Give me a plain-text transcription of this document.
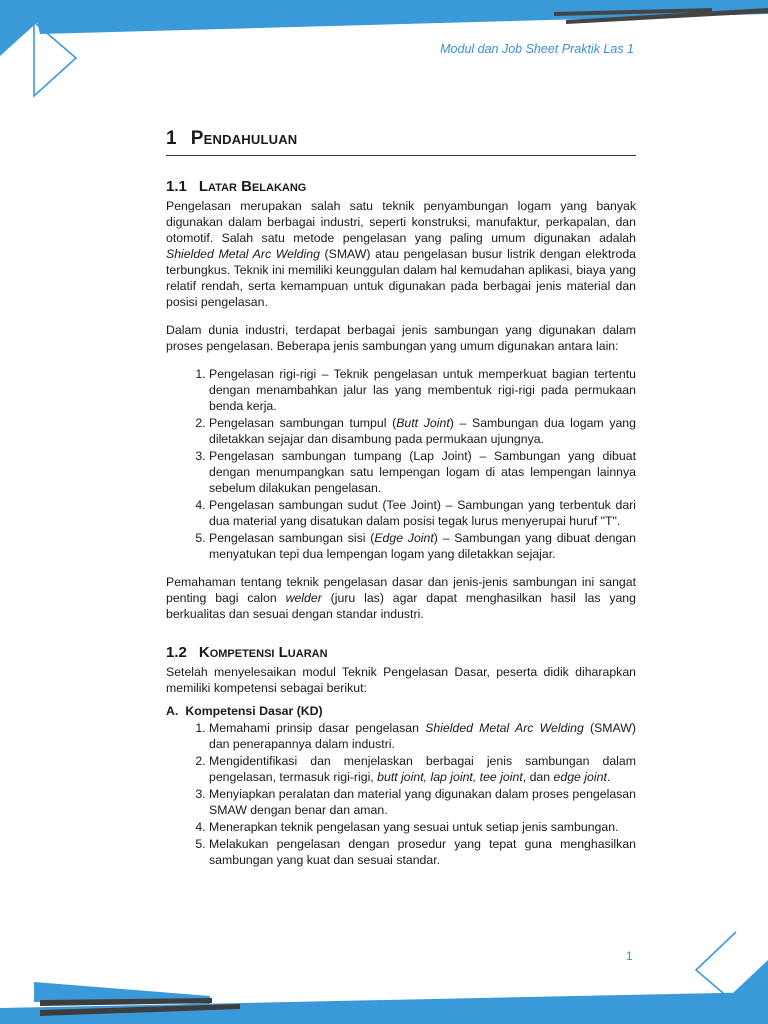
Modul dan Job Sheet Praktik Las 1
1 Pendahuluan
1.1 Latar Belakang

Pengelasan merupakan salah satu teknik penyambungan logam yang banyak digunakan dalam berbagai industri, seperti konstruksi, manufaktur, perkapalan, dan otomotif. Salah satu metode pengelasan yang paling umum digunakan adalah Shielded Metal Arc Welding (SMAW) atau pengelasan busur listrik dengan elektroda terbungkus. Teknik ini memiliki keunggulan dalam hal kemudahan aplikasi, biaya yang relatif rendah, serta kemampuan untuk digunakan pada berbagai jenis material dan posisi pengelasan.

Dalam dunia industri, terdapat berbagai jenis sambungan yang digunakan dalam proses pengelasan. Beberapa jenis sambungan yang umum digunakan antara lain:

1. Pengelasan rigi-rigi – Teknik pengelasan untuk memperkuat bagian tertentu dengan menambahkan jalur las yang membentuk rigi-rigi pada permukaan benda kerja.
2. Pengelasan sambungan tumpul (Butt Joint) – Sambungan dua logam yang diletakkan sejajar dan disambung pada permukaan ujungnya.
3. Pengelasan sambungan tumpang (Lap Joint) – Sambungan yang dibuat dengan menumpangkan satu lempengan logam di atas lempengan lainnya sebelum dilakukan pengelasan.
4. Pengelasan sambungan sudut (Tee Joint) – Sambungan yang terbentuk dari dua material yang disatukan dalam posisi tegak lurus menyerupai huruf "T".
5. Pengelasan sambungan sisi (Edge Joint) – Sambungan yang dibuat dengan menyatukan tepi dua lempengan logam yang diletakkan sejajar.

Pemahaman tentang teknik pengelasan dasar dan jenis-jenis sambungan ini sangat penting bagi calon welder (juru las) agar dapat menghasilkan hasil las yang berkualitas dan sesuai dengan standar industri.

1.2 Kompetensi Luaran

Setelah menyelesaikan modul Teknik Pengelasan Dasar, peserta didik diharapkan memiliki kompetensi sebagai berikut:

A. Kompetensi Dasar (KD)
1. Memahami prinsip dasar pengelasan Shielded Metal Arc Welding (SMAW) dan penerapannya dalam industri.
2. Mengidentifikasi dan menjelaskan berbagai jenis sambungan dalam pengelasan, termasuk rigi-rigi, butt joint, lap joint, tee joint, dan edge joint.
3. Menyiapkan peralatan dan material yang digunakan dalam proses pengelasan SMAW dengan benar dan aman.
4. Menerapkan teknik pengelasan yang sesuai untuk setiap jenis sambungan.
5. Melakukan pengelasan dengan prosedur yang tepat guna menghasilkan sambungan yang kuat dan sesuai standar.
1
